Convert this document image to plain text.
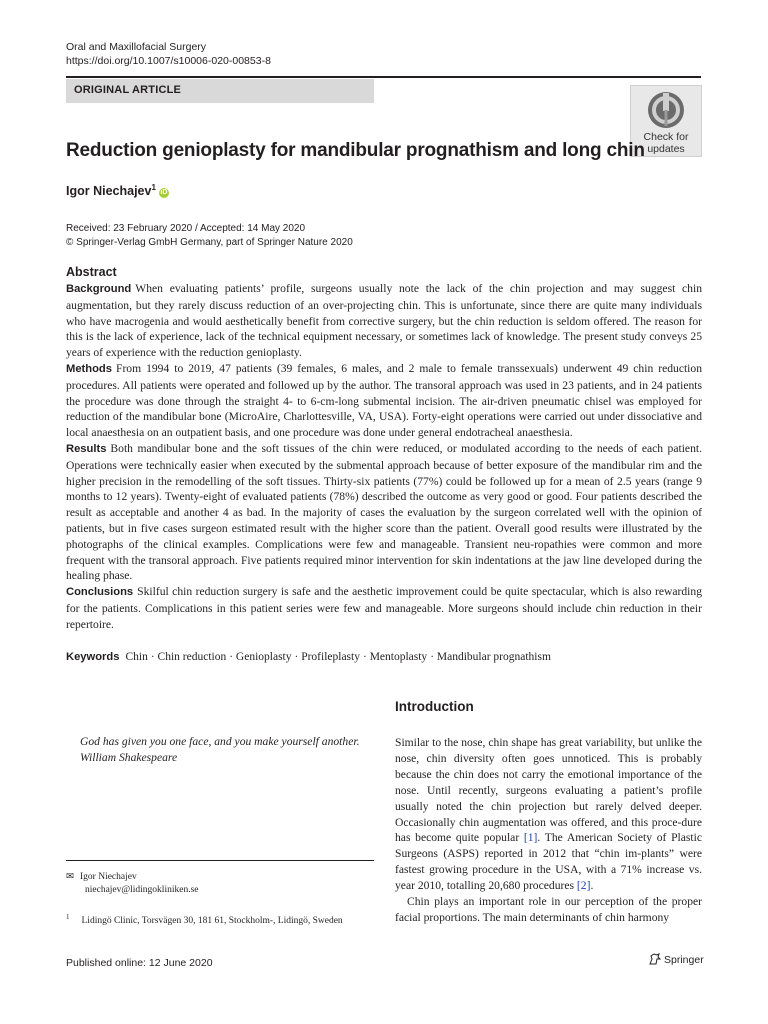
Oral and Maxillofacial Surgery
https://doi.org/10.1007/s10006-020-00853-8
ORIGINAL ARTICLE
Check for
updates
Reduction genioplasty for mandibular prognathism and long chin
Igor Niechajev$^1$iD
Received: 23 February 2020 / Accepted: 14 May 2020
© Springer-Verlag GmbH Germany, part of Springer Nature 2020
Abstract

Background When evaluating patients’ profile, surgeons usually note the lack of the chin projection and may suggest chin augmentation, but they rarely discuss reduction of an over-projecting chin. This is unfortunate, since there are quite many individuals who have macrogenia and would aesthetically benefit from corrective surgery, but the chin reduction is seldom offered. The reason for this is the lack of experience, lack of the technical equipment necessary, or sometimes lack of knowledge. The present study conveys 25 years of experience with the reduction genioplasty.

Methods From 1994 to 2019, 47 patients (39 females, 6 males, and 2 male to female transsexuals) underwent 49 chin reduction procedures. All patients were operated and followed up by the author. The transoral approach was used in 23 patients, and in 24 patients the procedure was done through the straight 4- to 6-cm-long submental incision. The air-driven pneumatic chisel was employed for reduction of the mandibular bone (MicroAire, Charlottesville, VA, USA). Forty-eight operations were carried out under dissociative and local anaesthesia on an outpatient basis, and one procedure was done under general endotracheal anaesthesia.

Results Both mandibular bone and the soft tissues of the chin were reduced, or modulated according to the needs of each patient. Operations were technically easier when executed by the submental approach because of better exposure of the mandibular rim and the higher precision in the remodelling of the soft tissues. Thirty-six patients (77%) could be followed up for a mean of 2.5 years (range 9 months to 12 years). Twenty-eight of evaluated patients (78%) described the outcome as very good or good. Four patients described the result as acceptable and another 4 as bad. In the majority of cases the evaluation by the surgeon correlated well with the opinion of patients, but in five cases surgeon estimated result with the higher score than the patient. Overall good results were illustrated by the photographs of the clinical examples. Complications were few and manageable. Transient neu-ropathies were common and more frequent with the transoral approach. Five patients required minor intervention for skin indentations at the jaw line developed during the healing phase.

Conclusions Skilful chin reduction surgery is safe and the aesthetic improvement could be quite spectacular, which is also rewarding for the patients. Complications in this patient series were few and manageable. More surgeons should include chin reduction in their repertoire.

Keywords Chin · Chin reduction · Genioplasty · Profileplasty · Mentoplasty · Mandibular prognathism

God has given you one face, and you make yourself another.

William Shakespeare

✉ Igor Niechajev
niechajev@lidingokliniken.se
$^1$ Lidingö Clinic, Torsvägen 30, 181 61, Stockholm-, Lidingö, Sweden
Introduction

Similar to the nose, chin shape has great variability, but unlike the nose, chin diversity often goes unnoticed. This is probably because the chin does not carry the emotional importance of the nose. Until recently, surgeons evaluating a patient’s profile usually noted the chin projection but rarely delved deeper. Occasionally chin augmentation was offered, and this proce-dure has become quite popular [1]. The American Society of Plastic Surgeons (ASPS) reported in 2012 that “chin im-plants” were fastest growing procedure in the USA, with a 71% increase vs. year 2010, totalling 20,680 procedures [2].

Chin plays an important role in our perception of the proper facial proportions. The main determinants of chin harmony

Published online: 12 June 2020	Springer
